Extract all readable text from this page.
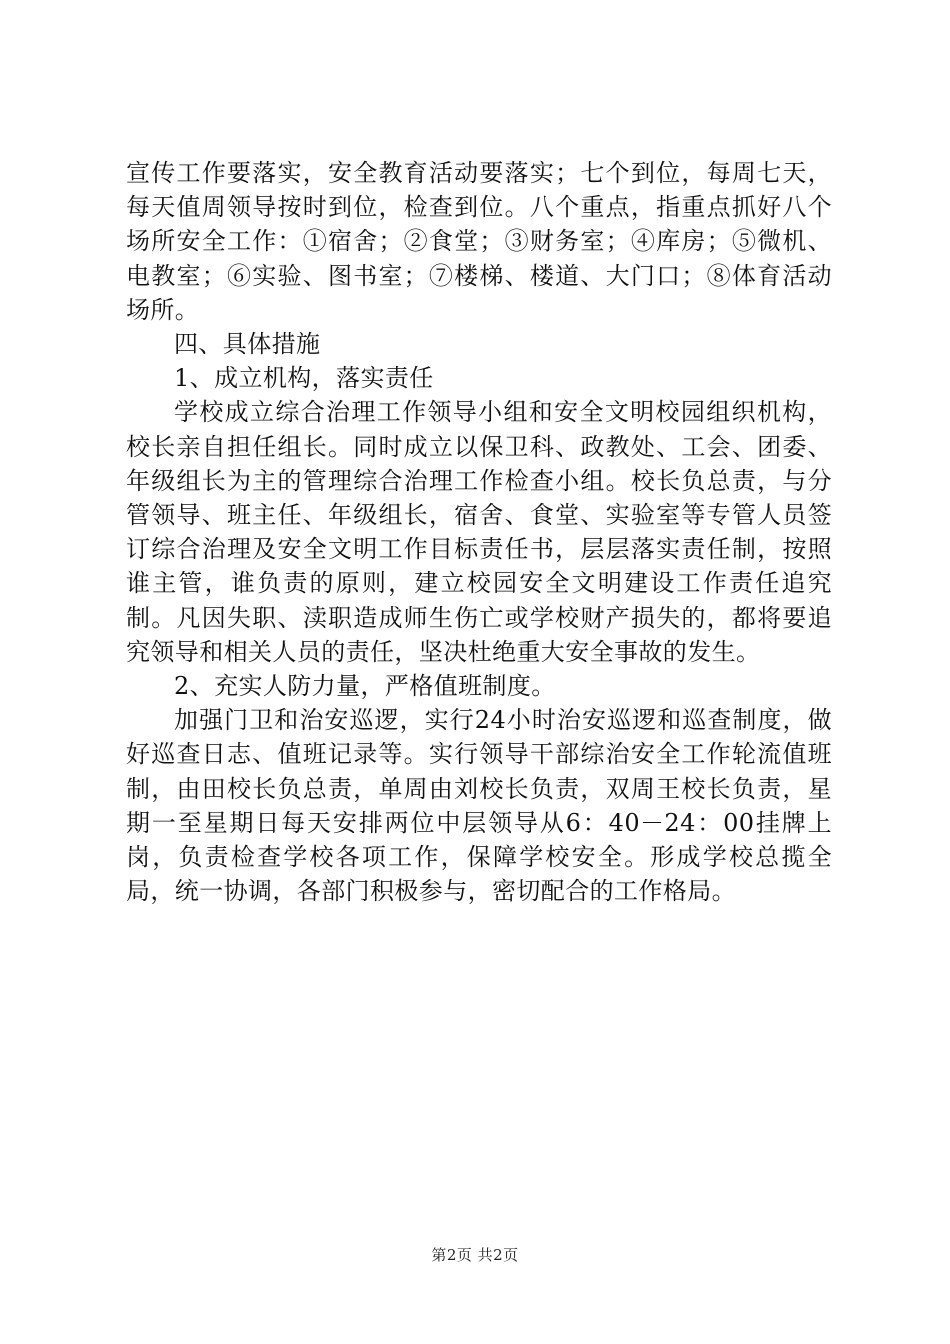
宣传工作要落实，安全教育活动要落实；七个到位，每周七天，每天值周领导按时到位，检查到位。八个重点，指重点抓好八个场所安全工作：①宿舍；②食堂；③财务室；④库房；⑤微机、电教室；⑥实验、图书室；⑦楼梯、楼道、大门口；⑧体育活动场所。

四、具体措施

1、成立机构，落实责任

学校成立综合治理工作领导小组和安全文明校园组织机构，校长亲自担任组长。同时成立以保卫科、政教处、工会、团委、年级组长为主的管理综合治理工作检查小组。校长负总责，与分管领导、班主任、年级组长，宿舍、食堂、实验室等专管人员签订综合治理及安全文明工作目标责任书，层层落实责任制，按照谁主管，谁负责的原则，建立校园安全文明建设工作责任追究制。凡因失职、渎职造成师生伤亡或学校财产损失的，都将要追究领导和相关人员的责任，坚决杜绝重大安全事故的发生。

2、充实人防力量，严格值班制度。

加强门卫和治安巡逻，实行24小时治安巡逻和巡查制度，做好巡查日志、值班记录等。实行领导干部综治安全工作轮流值班制，由田校长负总责，单周由刘校长负责，双周王校长负责，星期一至星期日每天安排两位中层领导从6：40－24：00挂牌上岗，负责检查学校各项工作，保障学校安全。形成学校总揽全局，统一协调，各部门积极参与，密切配合的工作格局。

第2页 共2页
